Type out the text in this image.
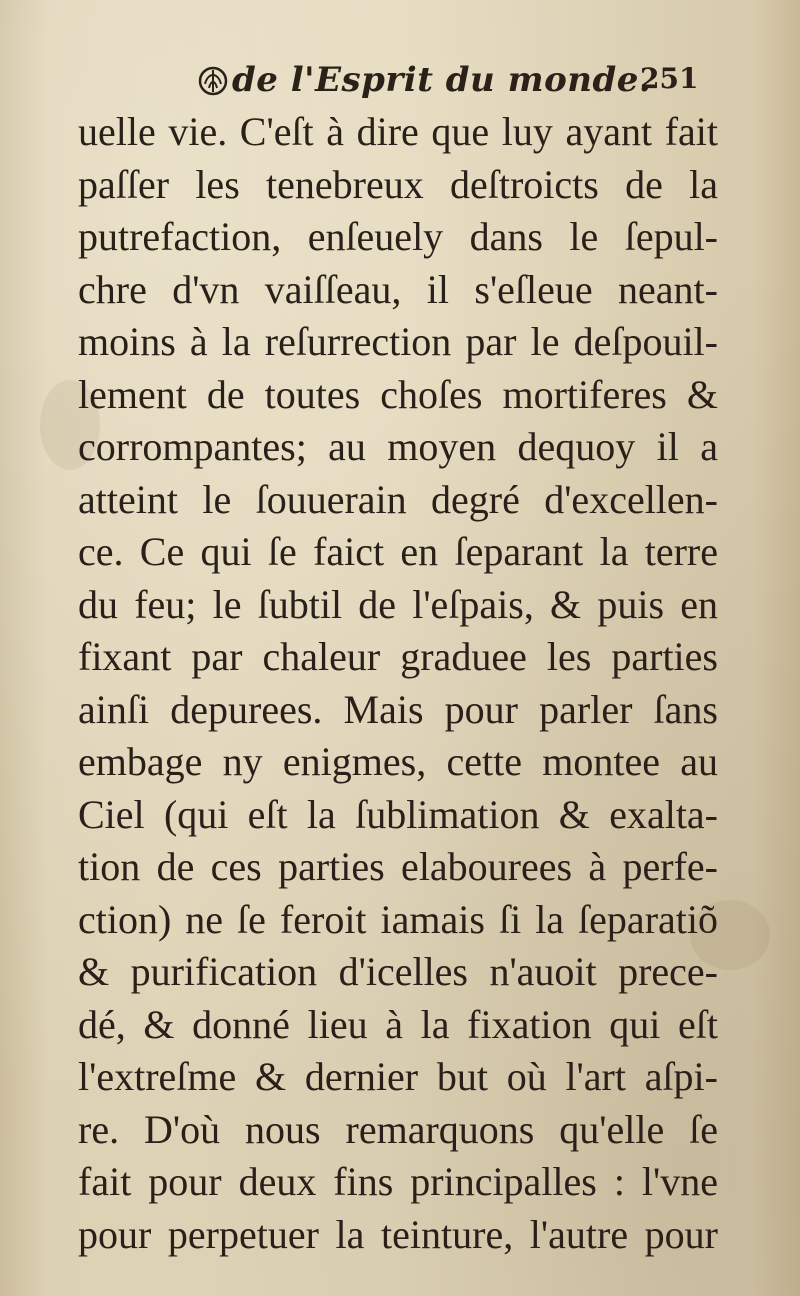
de l'Esprit du monde.
251
uelle vie. C'eſt à dire que luy ayant fait
paſſer les tenebreux deſtroicts de la
putrefaction, enſeuely dans le ſepul-
chre d'vn vaiſſeau, il s'eſleue neant-
moins à la reſurrection par le deſpouil-
lement de toutes choſes mortiferes &
corrompantes; au moyen dequoy il a
atteint le ſouuerain degré d'excellen-
ce. Ce qui ſe faict en ſeparant la terre
du feu; le ſubtil de l'eſpais, & puis en
fixant par chaleur graduee les parties
ainſi depurees. Mais pour parler ſans
embage ny enigmes, cette montee au
Ciel (qui eſt la ſublimation & exalta-
tion de ces parties elabourees à perfe-
ction) ne ſe feroit iamais ſi la ſeparatiõ
& purification d'icelles n'auoit prece-
dé, & donné lieu à la fixation qui eſt
l'extreſme & dernier but où l'art aſpi-
re. D'où nous remarquons qu'elle ſe
fait pour deux fins principalles : l'vne
pour perpetuer la teinture, l'autre pour
